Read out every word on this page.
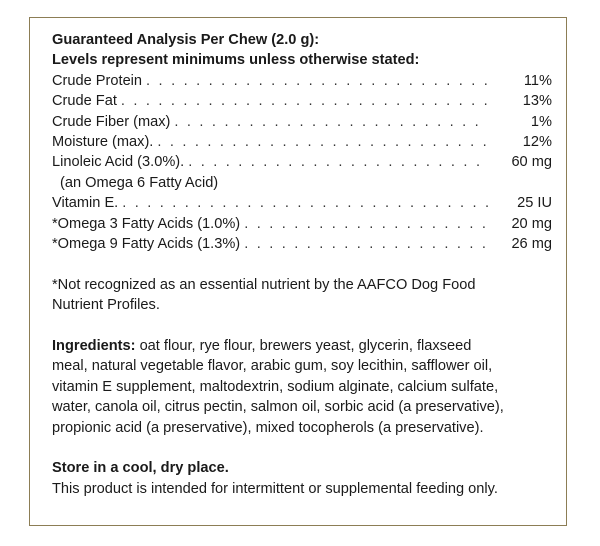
Guaranteed Analysis Per Chew (2.0 g):
Levels represent minimums unless otherwise stated:
Crude Protein . . .	11%
Crude Fat . . .	13%
Crude Fiber (max) . . .	1%
Moisture (max). . . .	12%
Linoleic Acid (3.0%). . . .	60 mg
(an Omega 6 Fatty Acid)
Vitamin E. . . .	25 IU
*Omega 3 Fatty Acids (1.0%) . . .	20 mg
*Omega 9 Fatty Acids (1.3%) . . .	26 mg

*Not recognized as an essential nutrient by the AAFCO Dog Food Nutrient Profiles.

Ingredients: oat flour, rye flour, brewers yeast, glycerin, flaxseed meal, natural vegetable flavor, arabic gum, soy lecithin, safflower oil, vitamin E supplement, maltodextrin, sodium alginate, calcium sulfate, water, canola oil, citrus pectin, salmon oil, sorbic acid (a preservative), propionic acid (a preservative), mixed tocopherols (a preservative).

Store in a cool, dry place.
This product is intended for intermittent or supplemental feeding only.
